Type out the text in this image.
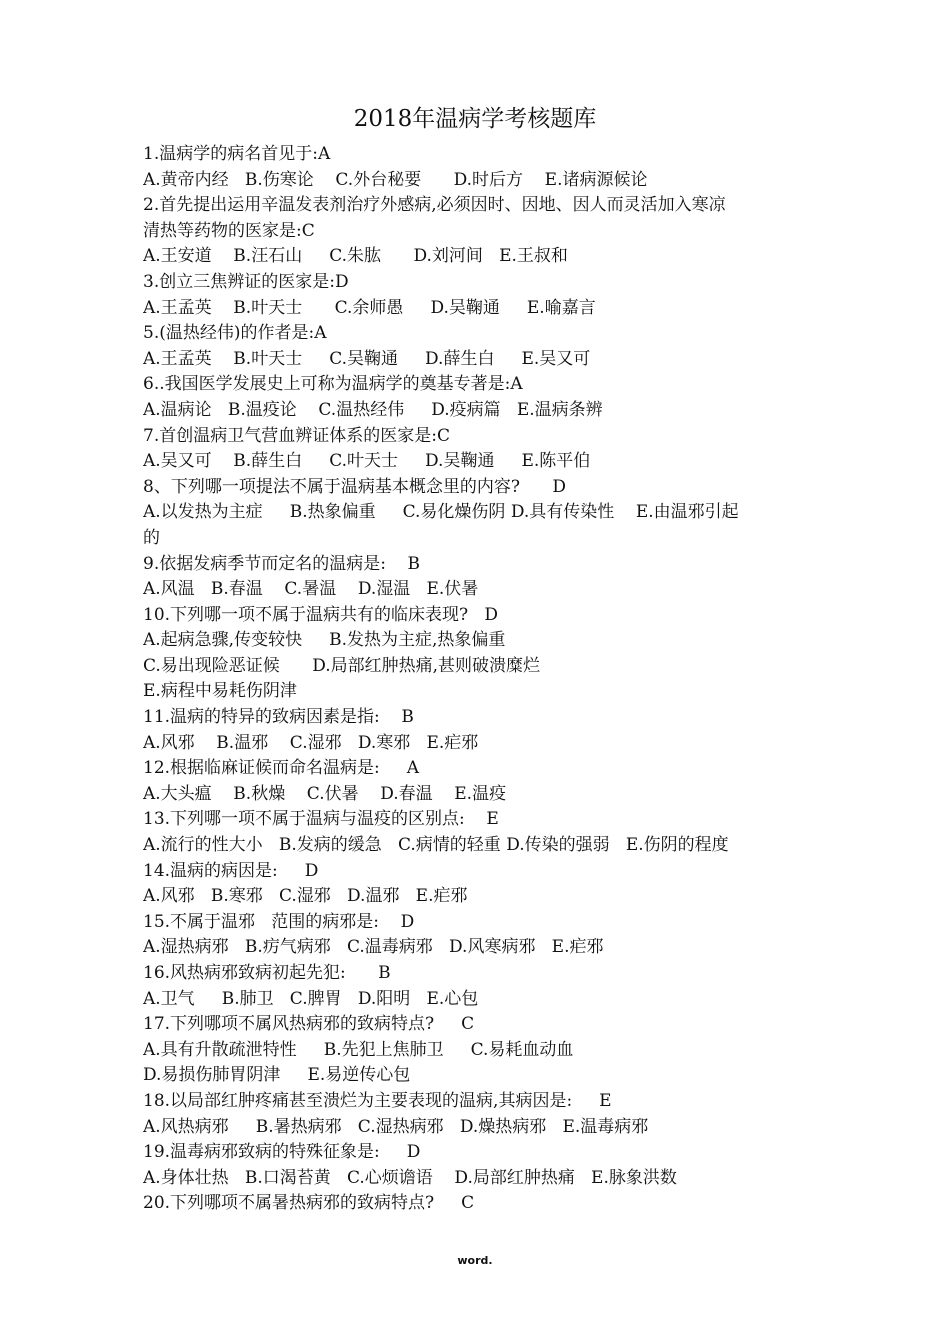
2018年温病学考核题库
1.温病学的病名首见于:A
A.黄帝内经   B.伤寒论    C.外台秘要      D.时后方    E.诸病源候论
2.首先提出运用辛温发表剂治疗外感病,必须因时、因地、因人而灵活加入寒凉
清热等药物的医家是:C
A.王安道    B.汪石山     C.朱肱      D.刘河间   E.王叔和
3.创立三焦辨证的医家是:D
A.王孟英    B.叶天士      C.余师愚     D.吴鞠通     E.喻嘉言
5.(温热经伟)的作者是:A
A.王孟英    B.叶天士     C.吴鞠通     D.薛生白     E.吴又可
6..我国医学发展史上可称为温病学的奠基专著是:A
A.温病论   B.温疫论    C.温热经伟     D.疫病篇   E.温病条辨
7.首创温病卫气营血辨证体系的医家是:C
A.吴又可    B.薛生白     C.叶天士     D.吴鞠通     E.陈平伯
8、下列哪一项提法不属于温病基本概念里的内容?      D
A.以发热为主症     B.热象偏重     C.易化燥伤阴 D.具有传染性    E.由温邪引起
的
9.依据发病季节而定名的温病是:    B
A.风温   B.春温    C.暑温    D.湿温   E.伏暑
10.下列哪一项不属于温病共有的临床表现?   D
A.起病急骤,传变较快     B.发热为主症,热象偏重
C.易出现险恶证候      D.局部红肿热痛,甚则破溃糜烂
E.病程中易耗伤阴津
11.温病的特异的致病因素是指:    B
A.风邪    B.温邪    C.湿邪   D.寒邪   E.疟邪
12.根据临麻证候而命名温病是:     A
A.大头瘟    B.秋燥    C.伏暑    D.春温    E.温疫
13.下列哪一项不属于温病与温疫的区别点:    E
A.流行的性大小   B.发病的缓急   C.病情的轻重 D.传染的强弱   E.伤阴的程度
14.温病的病因是:     D
A.风邪   B.寒邪   C.湿邪   D.温邪   E.疟邪
15.不属于温邪   范围的病邪是:    D
A.湿热病邪   B.疠气病邪   C.温毒病邪   D.风寒病邪   E.疟邪
16.风热病邪致病初起先犯:      B
A.卫气     B.肺卫   C.脾胃   D.阳明   E.心包
17.下列哪项不属风热病邪的致病特点?     C
A.具有升散疏泄特性     B.先犯上焦肺卫     C.易耗血动血
D.易损伤肺胃阴津     E.易逆传心包
18.以局部红肿疼痛甚至溃烂为主要表现的温病,其病因是:     E
A.风热病邪     B.暑热病邪   C.湿热病邪   D.燥热病邪   E.温毒病邪
19.温毒病邪致病的特殊征象是:     D
A.身体壮热   B.口渴苔黄   C.心烦谵语    D.局部红肿热痛   E.脉象洪数
20.下列哪项不属暑热病邪的致病特点?     C
word.
